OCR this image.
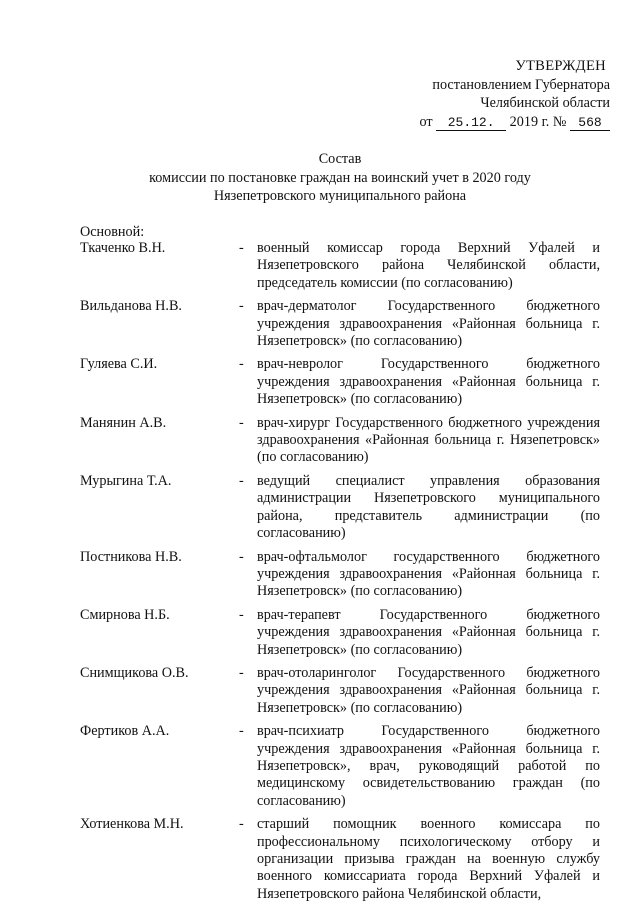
УТВЕРЖДЕН
постановлением Губернатора
Челябинской области
от 25.12. 2019 г. № 568
Состав
комиссии по постановке граждан на воинский учет в 2020 году
Нязепетровского муниципального района
Основной:
Ткаченко В.Н.	- военный комиссар города Верхний Уфалей и Нязепетровского района Челябинской области, председатель комиссии (по согласованию)
Вильданова Н.В.	- врач-дерматолог Государственного бюджетного учреждения здравоохранения «Районная больница г. Нязепетровск» (по согласованию)
Гуляева С.И.	- врач-невролог Государственного бюджетного учреждения здравоохранения «Районная больница г. Нязепетровск» (по согласованию)
Манянин А.В.	- врач-хирург Государственного бюджетного учреждения здравоохранения «Районная больница г. Нязепетровск» (по согласованию)
Мурыгина Т.А.	- ведущий специалист управления образования администрации Нязепетровского муниципального района, представитель администрации (по согласованию)
Постникова Н.В.	- врач-офтальмолог государственного бюджетного учреждения здравоохранения «Районная больница г. Нязепетровск» (по согласованию)
Смирнова Н.Б.	- врач-терапевт Государственного бюджетного учреждения здравоохранения «Районная больница г. Нязепетровск» (по согласованию)
Снимщикова О.В.	- врач-отоларинголог Государственного бюджетного учреждения здравоохранения «Районная больница г. Нязепетровск» (по согласованию)
Фертиков А.А.	- врач-психиатр Государственного бюджетного учреждения здравоохранения «Районная больница г. Нязепетровск», врач, руководящий работой по медицинскому освидетельствованию граждан (по согласованию)
Хотиенкова М.Н.	- старший помощник военного комиссара по профессиональному психологическому отбору и организации призыва граждан на военную службу военного комиссариата города Верхний Уфалей и Нязепетровского района Челябинской области,
